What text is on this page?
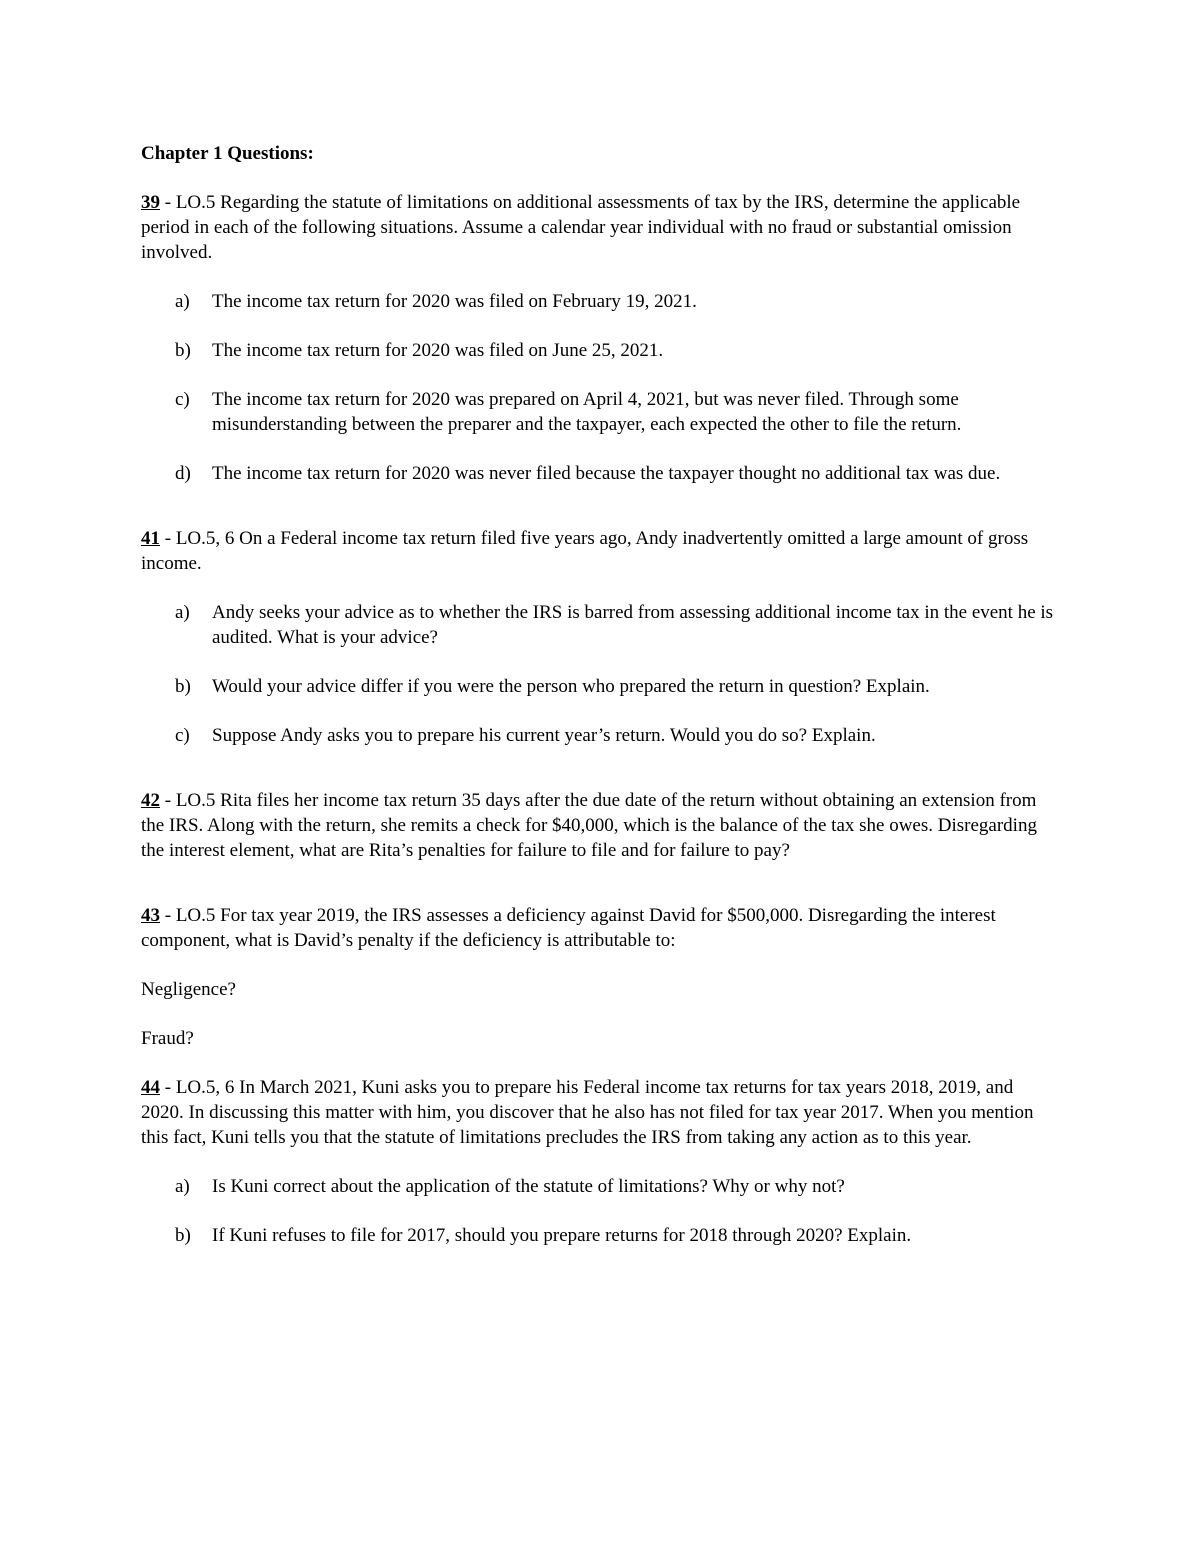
Chapter 1 Questions:
39 - LO.5 Regarding the statute of limitations on additional assessments of tax by the IRS, determine the applicable period in each of the following situations. Assume a calendar year individual with no fraud or substantial omission involved.
a) The income tax return for 2020 was filed on February 19, 2021.
b) The income tax return for 2020 was filed on June 25, 2021.
c) The income tax return for 2020 was prepared on April 4, 2021, but was never filed. Through some misunderstanding between the preparer and the taxpayer, each expected the other to file the return.
d) The income tax return for 2020 was never filed because the taxpayer thought no additional tax was due.
41 - LO.5, 6 On a Federal income tax return filed five years ago, Andy inadvertently omitted a large amount of gross income.
a) Andy seeks your advice as to whether the IRS is barred from assessing additional income tax in the event he is audited. What is your advice?
b) Would your advice differ if you were the person who prepared the return in question? Explain.
c) Suppose Andy asks you to prepare his current year’s return. Would you do so? Explain.
42 - LO.5 Rita files her income tax return 35 days after the due date of the return without obtaining an extension from the IRS. Along with the return, she remits a check for $40,000, which is the balance of the tax she owes. Disregarding the interest element, what are Rita’s penalties for failure to file and for failure to pay?
43 - LO.5 For tax year 2019, the IRS assesses a deficiency against David for $500,000. Disregarding the interest component, what is David’s penalty if the deficiency is attributable to:
Negligence?
Fraud?
44 - LO.5, 6 In March 2021, Kuni asks you to prepare his Federal income tax returns for tax years 2018, 2019, and 2020. In discussing this matter with him, you discover that he also has not filed for tax year 2017. When you mention this fact, Kuni tells you that the statute of limitations precludes the IRS from taking any action as to this year.
a) Is Kuni correct about the application of the statute of limitations? Why or why not?
b) If Kuni refuses to file for 2017, should you prepare returns for 2018 through 2020? Explain.
